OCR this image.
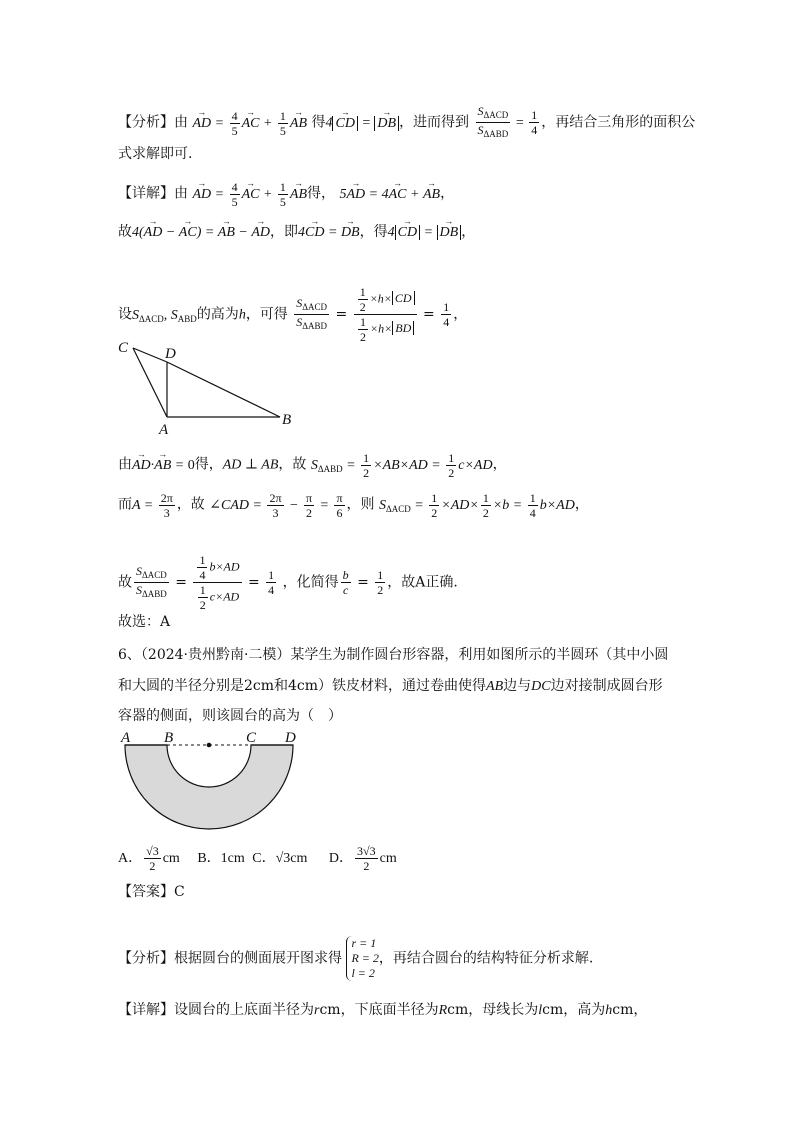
【分析】由 → AD = $\frac{4}{5}$ → AC + $\frac{1}{5}$ → AB 得4 → CD = → DB ，进而得到 $\frac{S_{\Delta ACD}}{S_{\Delta ABD}} = \frac{1}{4}$ ，再结合三角形的面积公
式求解即可.
【详解】由 → AD = $\frac{4}{5}$ → AC + $\frac{1}{5}$ → AB得， 5→ AD = 4→ AC + → AB，
故4(→ AD − → AC) = → AB − → AD，即4→ CD = → DB，得4 → CD = → DB ，
设$S_{\Delta ACD}$, $S_{ABD}$的高为h，可得 $\frac{S_{\Delta ACD}}{S_{\Delta ABD}} = \frac{\frac{1}{2} \times h\times CD}{\frac{1}{2} \times h\times BD} = \frac{1}{4}$ ，
C D
A
B
由→ AD·→ AB = 0得，AD ⊥ AB，故 $S_{\Delta ABD} = \frac{1}{2} \times AB\times AD = \frac{1}{2} c\times AD$，
而$A = \frac{2\pi}{3}$ ，故 ∠CAD = $\frac{2\pi}{3} - \frac{\pi}{2} = \frac{\pi}{6}$ ，则 $S_{\Delta ACD} = \frac{1}{2} \times AD\times \frac{1}{2} \times b = \frac{1}{4} b\times AD$，
故 $\frac{S_{\Delta ACD}}{S_{\Delta ABD}} = \frac{\frac{1}{4} b\times AD}{\frac{1}{2} c\times AD} = \frac{1}{4}$ ，化简得 $\frac{b}{c} = \frac{1}{2}$ ，故A正确.
故选：A
6、（2024·贵州黔南·二模）某学生为制作圆台形容器，利用如图所示的半圆环（其中小圆
和大圆的半径分别是2cm和4cm）铁皮材料，通过卷曲使得AB边与DC边对接制成圆台形
容器的侧面，则该圆台的高为（　）
A B	C D
A． $\frac{√3}{2}$ cm B．1cm C．√3cm D． $\frac{3√3}{2}$ cm
【答案】C
【分析】根据圆台的侧面展开图求得
r = 1
R = 2
l = 2
，再结合圆台的结构特征分析求解.
【详解】设圆台的上底面半径为rcm，下底面半径为Rcm，母线长为lcm，高为hcm，
